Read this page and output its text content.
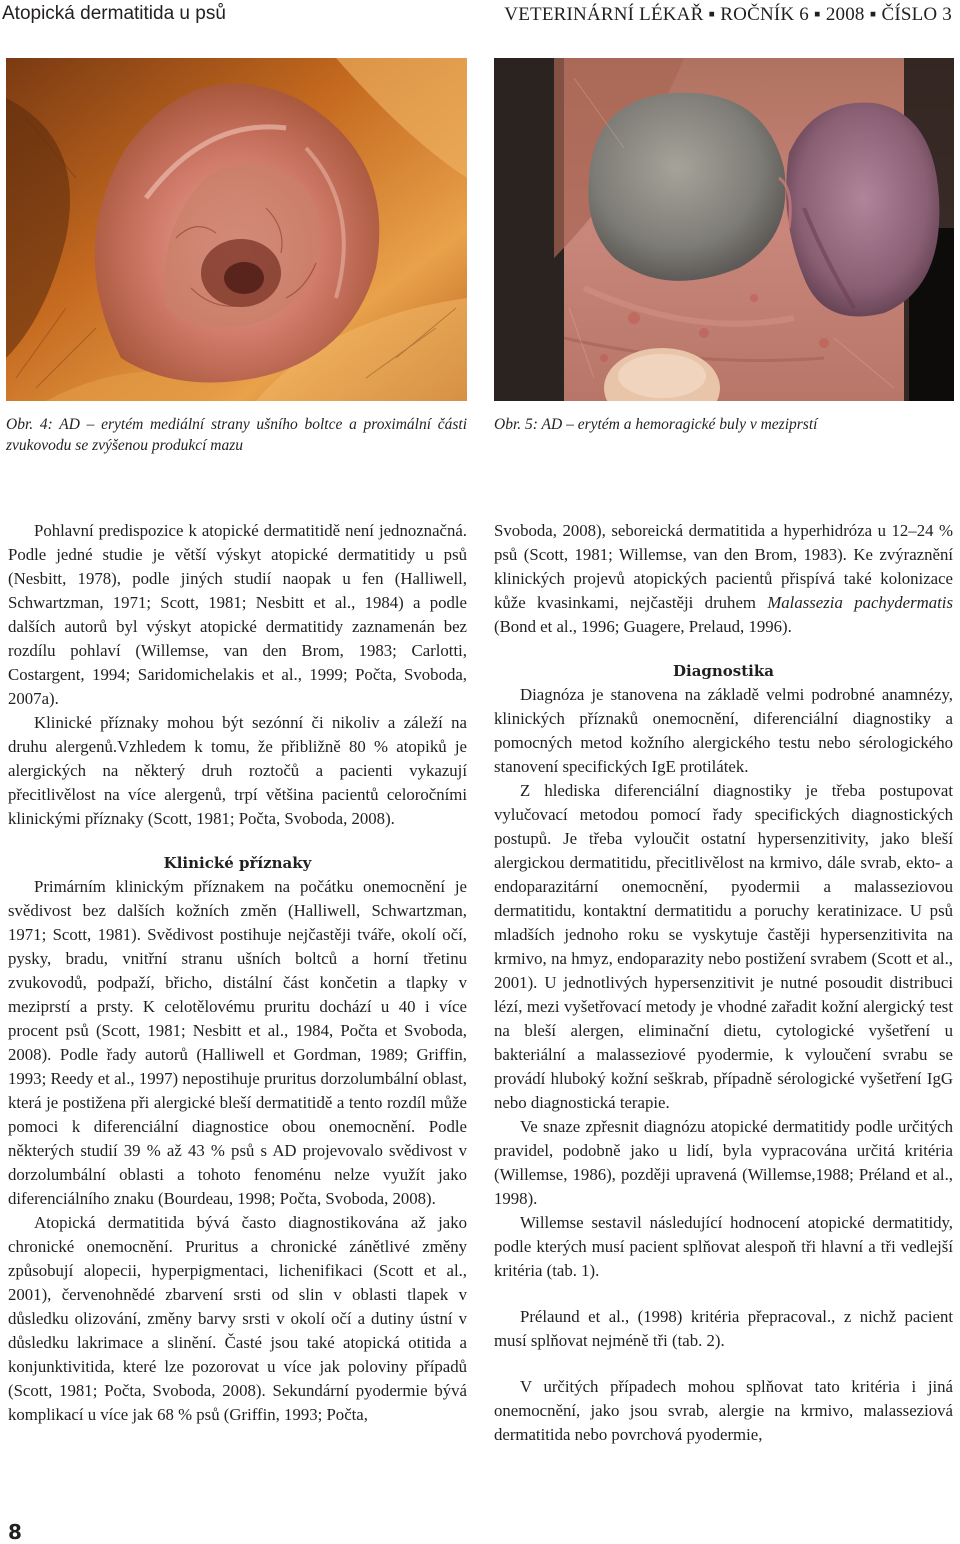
Atopická dermatitida u psů	VETERINÁRNÍ LÉKAŘ ▪ ROČNÍK 6 ▪ 2008 ▪ ČÍSLO 3
Obr. 4: AD – erytém mediální strany ušního boltce a proximální části zvukovodu se zvýšenou produkcí mazu
Obr. 5: AD – erytém a hemoragické buly v meziprstí

Pohlavní predispozice k atopické dermatitidě není jednoznačná. Podle jedné studie je větší výskyt atopické dermatitidy u psů (Nesbitt, 1978), podle jiných studií naopak u fen (Halliwell, Schwartzman, 1971; Scott, 1981; Nesbitt et al., 1984) a podle dalších autorů byl výskyt atopické dermatitidy zaznamenán bez rozdílu pohlaví (Willemse, van den Brom, 1983; Carlotti, Costargent, 1994; Saridomichelakis et al., 1999; Počta, Svoboda, 2007a).

Klinické příznaky mohou být sezónní či nikoliv a záleží na druhu alergenů.Vzhledem k tomu, že přibližně 80 % atopiků je alergických na některý druh roztočů a pacienti vykazují přecitlivělost na více alergenů, trpí většina pacientů celoročními klinickými příznaky (Scott, 1981; Počta, Svoboda, 2008).

Klinické příznaky

Primárním klinickým příznakem na počátku onemocnění je svědivost bez dalších kožních změn (Halliwell, Schwartzman, 1971; Scott, 1981). Svědivost postihuje nejčastěji tváře, okolí očí, pysky, bradu, vnitřní stranu ušních boltců a horní třetinu zvukovodů, podpaží, břicho, distální část končetin a tlapky v meziprstí a prsty. K celotělovému pruritu dochází u 40 i více procent psů (Scott, 1981; Nesbitt et al., 1984, Počta et Svoboda, 2008). Podle řady autorů (Halliwell et Gordman, 1989; Griffin, 1993; Reedy et al., 1997) nepostihuje pruritus dorzolumbální oblast, která je postižena při alergické bleší dermatitidě a tento rozdíl může pomoci k diferenciální diagnostice obou onemocnění. Podle některých studií 39 % až 43 % psů s AD projevovalo svědivost v dorzolumbální oblasti a tohoto fenoménu nelze využít jako diferenciálního znaku (Bourdeau, 1998; Počta, Svoboda, 2008).

Atopická dermatitida bývá často diagnostikována až jako chronické onemocnění. Pruritus a chronické zánětlivé změny způsobují alopecii, hyperpigmentaci, lichenifikaci (Scott et al., 2001), červenohnědé zbarvení srsti od slin v oblasti tlapek v důsledku olizování, změny barvy srsti v okolí očí a dutiny ústní v důsledku lakrimace a slinění. Časté jsou také atopická otitida a konjunktivitida, které lze pozorovat u více jak poloviny případů (Scott, 1981; Počta, Svoboda, 2008). Sekundární pyodermie bývá komplikací u více jak 68 % psů (Griffin, 1993; Počta,

Svoboda, 2008), seboreická dermatitida a hyperhidróza u 12–24 % psů (Scott, 1981; Willemse, van den Brom, 1983). Ke zvýraznění klinických projevů atopických pacientů přispívá také kolonizace kůže kvasinkami, nejčastěji druhem Malassezia pachydermatis (Bond et al., 1996; Guagere, Prelaud, 1996).

Diagnostika

Diagnóza je stanovena na základě velmi podrobné anamnézy, klinických příznaků onemocnění, diferenciální diagnostiky a pomocných metod kožního alergického testu nebo sérologického stanovení specifických IgE protilátek.

Z hlediska diferenciální diagnostiky je třeba postupovat vylučovací metodou pomocí řady specifických diagnostických postupů. Je třeba vyloučit ostatní hypersenzitivity, jako bleší alergickou dermatitidu, přecitlivělost na krmivo, dále svrab, ekto- a endoparazitární onemocnění, pyodermii a malasseziovou dermatitidu, kontaktní dermatitidu a poruchy keratinizace. U psů mladších jednoho roku se vyskytuje častěji hypersenzitivita na krmivo, na hmyz, endoparazity nebo postižení svrabem (Scott et al., 2001). U jednotlivých hypersenzitivit je nutné posoudit distribuci lézí, mezi vyšetřovací metody je vhodné zařadit kožní alergický test na bleší alergen, eliminační dietu, cytologické vyšetření u bakteriální a malasseziové pyodermie, k vyloučení svrabu se provádí hluboký kožní seškrab, případně sérologické vyšetření IgG nebo diagnostická terapie.

Ve snaze zpřesnit diagnózu atopické dermatitidy podle určitých pravidel, podobně jako u lidí, byla vypracována určitá kritéria (Willemse, 1986), později upravená (Willemse,1988; Préland et al., 1998).

Willemse sestavil následující hodnocení atopické dermatitidy, podle kterých musí pacient splňovat alespoň tři hlavní a tři vedlejší kritéria (tab. 1).

Prélaund et al., (1998) kritéria přepracoval., z nichž pacient musí splňovat nejméně tři (tab. 2).

V určitých případech mohou splňovat tato kritéria i jiná onemocnění, jako jsou svrab, alergie na krmivo, malasseziová dermatitida nebo povrchová pyodermie,

8
